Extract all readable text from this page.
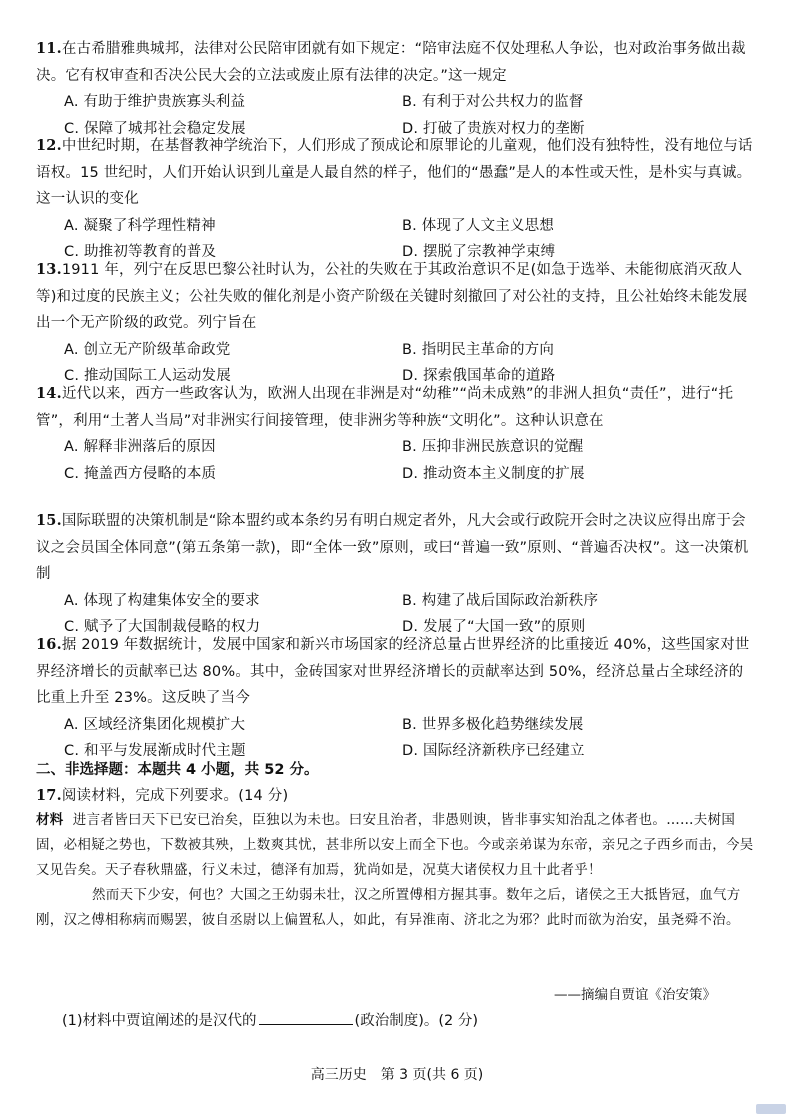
11.在古希腊雅典城邦，法律对公民陪审团就有如下规定：“陪审法庭不仅处理私人争讼，也对政治事务做出裁决。它有权审查和否决公民大会的立法或废止原有法律的决定。”这一规定

A. 有助于维护贵族寡头利益	B. 有利于对公共权力的监督
C. 保障了城邦社会稳定发展	D. 打破了贵族对权力的垄断

12.中世纪时期，在基督教神学统治下，人们形成了预成论和原罪论的儿童观，他们没有独特性，没有地位与话语权。15 世纪时，人们开始认识到儿童是人最自然的样子，他们的“愚蠢”是人的本性或天性，是朴实与真诚。这一认识的变化

A. 凝聚了科学理性精神	B. 体现了人文主义思想
C. 助推初等教育的普及	D. 摆脱了宗教神学束缚

13.1911 年，列宁在反思巴黎公社时认为，公社的失败在于其政治意识不足(如急于选举、未能彻底消灭敌人等)和过度的民族主义；公社失败的催化剂是小资产阶级在关键时刻撤回了对公社的支持，且公社始终未能发展出一个无产阶级的政党。列宁旨在

A. 创立无产阶级革命政党	B. 指明民主革命的方向
C. 推动国际工人运动发展	D. 探索俄国革命的道路

14.近代以来，西方一些政客认为，欧洲人出现在非洲是对“幼稚”“尚未成熟”的非洲人担负“责任”，进行“托管”，利用“土著人当局”对非洲实行间接管理，使非洲劣等种族“文明化”。这种认识意在

A. 解释非洲落后的原因	B. 压抑非洲民族意识的觉醒
C. 掩盖西方侵略的本质	D. 推动资本主义制度的扩展

15.国际联盟的决策机制是“除本盟约或本条约另有明白规定者外，凡大会或行政院开会时之决议应得出席于会议之会员国全体同意”(第五条第一款)，即“全体一致”原则，或曰“普遍一致”原则、“普遍否决权”。这一决策机制

A. 体现了构建集体安全的要求	B. 构建了战后国际政治新秩序
C. 赋予了大国制裁侵略的权力	D. 发展了“大国一致”的原则

16.据 2019 年数据统计，发展中国家和新兴市场国家的经济总量占世界经济的比重接近 40%，这些国家对世界经济增长的贡献率已达 80%。其中，金砖国家对世界经济增长的贡献率达到 50%，经济总量占全球经济的比重上升至 23%。这反映了当今

A. 区域经济集团化规模扩大	B. 世界多极化趋势继续发展
C. 和平与发展渐成时代主题	D. 国际经济新秩序已经建立
二、非选择题：本题共 4 小题，共 52 分。

17.阅读材料，完成下列要求。(14 分)

材料 进言者皆曰天下已安已治矣，臣独以为未也。曰安且治者，非愚则谀，皆非事实知治乱之体者也。……夫树国固，必相疑之势也，下数被其殃，上数爽其忧，甚非所以安上而全下也。今或亲弟谋为东帝，亲兄之子西乡而击，今吴又见告矣。天子春秋鼎盛，行义未过，德泽有加焉，犹尚如是，况莫大诸侯权力且十此者乎！

然而天下少安，何也？大国之王幼弱未壮，汉之所置傅相方握其事。数年之后，诸侯之王大抵皆冠，血气方刚，汉之傅相称病而赐罢，彼自丞尉以上偏置私人，如此，有异淮南、济北之为邪？此时而欲为治安，虽尧舜不治。

——摘编自贾谊《治安策》
(1)材料中贾谊阐述的是汉代的	(政治制度)。(2 分)
高三历史　第 3 页(共 6 页)
